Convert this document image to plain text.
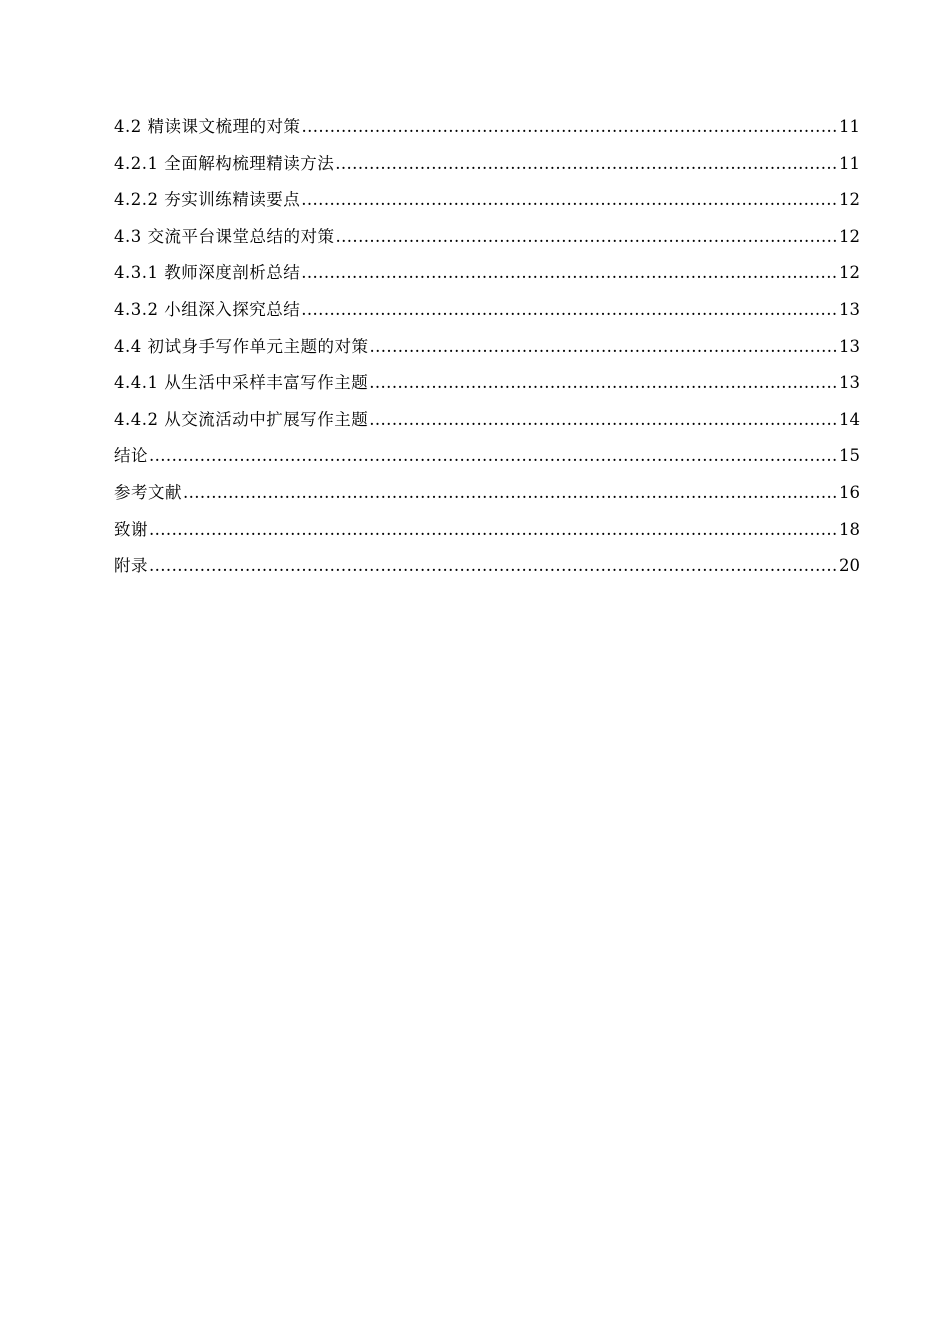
4.2 精读课文梳理的对策 .....	11
4.2.1 全面解构梳理精读方法 .....	11
4.2.2 夯实训练精读要点 .....	12
4.3 交流平台课堂总结的对策 .....	12
4.3.1 教师深度剖析总结 .....	12
4.3.2 小组深入探究总结 .....	13
4.4 初试身手写作单元主题的对策 .....	13
4.4.1 从生活中采样丰富写作主题 .....	13
4.4.2 从交流活动中扩展写作主题 .....	14
结论 .....	15
参考文献 .....	16
致谢 .....	18
附录 .....	20
